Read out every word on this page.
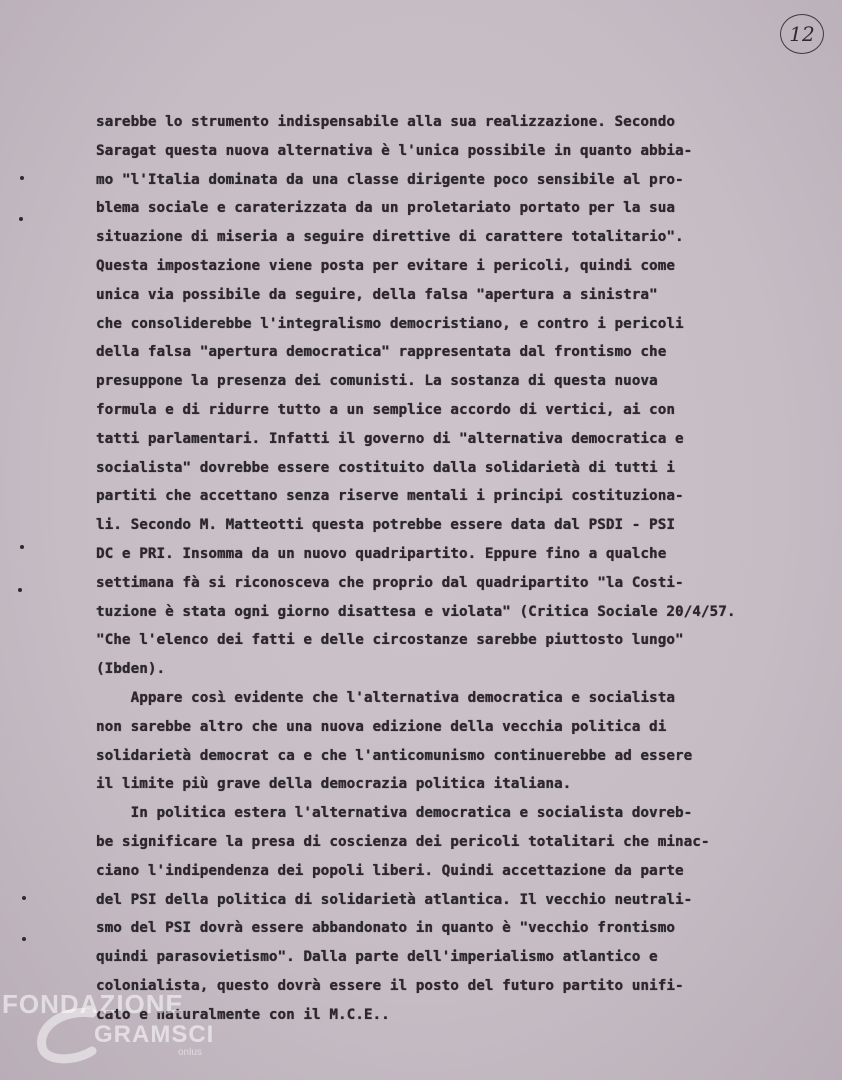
12
sarebbe lo strumento indispensabile alla sua realizzazione. Secondo
Saragat questa nuova alternativa è l'unica possibile in quanto abbia-
mo "l'Italia dominata da una classe dirigente poco sensibile al pro-
blema sociale e caraterizzata da un proletariato portato per la sua
situazione di miseria a seguire direttive di carattere totalitario".
Questa impostazione viene posta per evitare i pericoli, quindi come
unica via possibile da seguire, della falsa "apertura a sinistra"
che consoliderebbe l'integralismo democristiano, e contro i pericoli
della falsa "apertura democratica" rappresentata dal frontismo che
presuppone la presenza dei comunisti. La sostanza di questa nuova
formula e di ridurre tutto a un semplice accordo di vertici, ai con
tatti parlamentari. Infatti il governo di "alternativa democratica e
socialista" dovrebbe essere costituito dalla solidarietà di tutti i
partiti che accettano senza riserve mentali i principi costituziona-
li. Secondo M. Matteotti questa potrebbe essere data dal PSDI - PSI
DC e PRI. Insomma da un nuovo quadripartito. Eppure fino a qualche
settimana fà si riconosceva che proprio dal quadripartito "la Costi-
tuzione è stata ogni giorno disattesa e violata" (Critica Sociale 20/4/57.
"Che l'elenco dei fatti e delle circostanze sarebbe piuttosto lungo"
(Ibden).
Appare così evidente che l'alternativa democratica e socialista
non sarebbe altro che una nuova edizione della vecchia politica di
solidarietà democrat ca e che l'anticomunismo continuerebbe ad essere
il limite più grave della democrazia politica italiana.
In politica estera l'alternativa democratica e socialista dovreb-
be significare la presa di coscienza dei pericoli totalitari che minac-
ciano l'indipendenza dei popoli liberi. Quindi accettazione da parte
del PSI della politica di solidarietà atlantica. Il vecchio neutrali-
smo del PSI dovrà essere abbandonato in quanto è "vecchio frontismo
quindi parasovietismo". Dalla parte dell'imperialismo atlantico e
colonialista, questo dovrà essere il posto del futuro partito unifi-
cato e naturalmente con il M.C.E..
FONDAZIONE
GRAMSCI
onlus
